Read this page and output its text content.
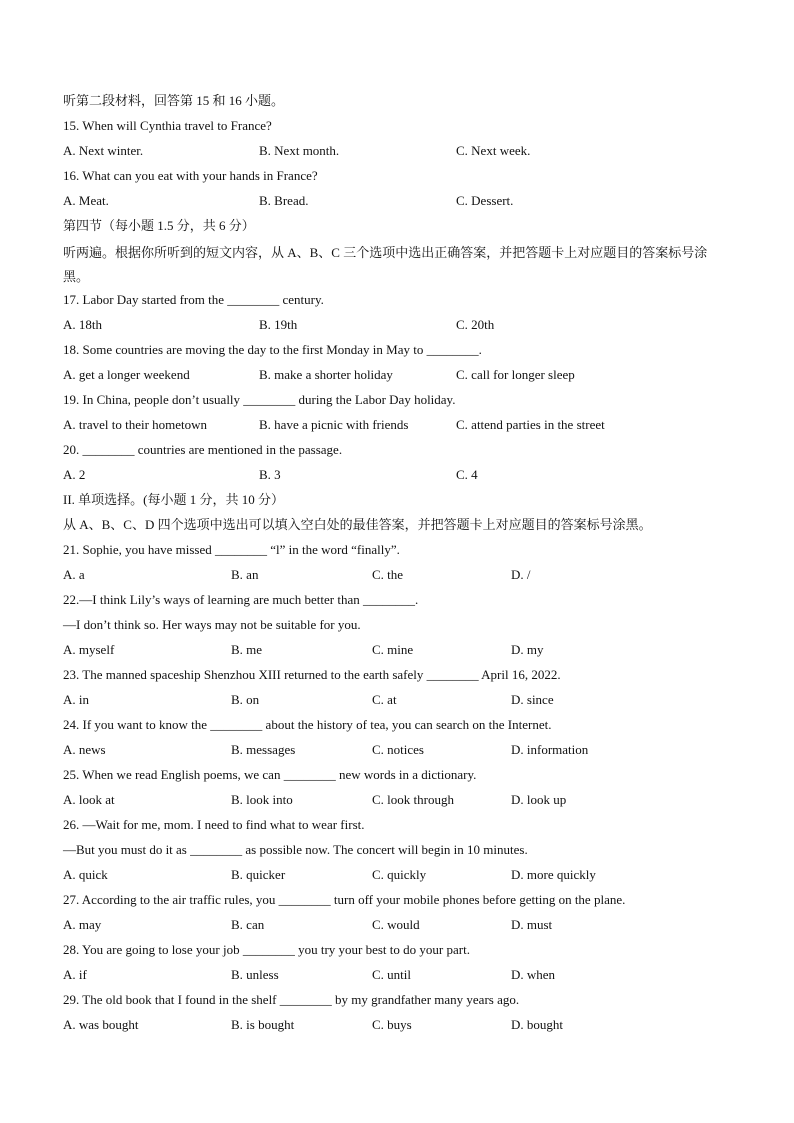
听第二段材料，回答第 15 和 16 小题。
15. When will Cynthia travel to France?
A. Next winter.	B. Next month.	C. Next week.
16. What can you eat with your hands in France?
A. Meat.	B. Bread.	C. Dessert.
第四节（每小题 1.5 分，共 6 分）
听两遍。根据你所听到的短文内容，从 A、B、C 三个选项中选出正确答案，并把答题卡上对应题目的答案标号涂黑。
17. Labor Day started from the ________ century.
A. 18th	B. 19th	C. 20th
18. Some countries are moving the day to the first Monday in May to ________.
A. get a longer weekend	B. make a shorter holiday	C. call for longer sleep
19. In China, people don’t usually ________ during the Labor Day holiday.
A. travel to their hometown	B. have a picnic with friends	C. attend parties in the street
20. ________ countries are mentioned in the passage.
A. 2	B. 3	C. 4
II. 单项选择。(每小题 1 分，共 10 分）
从 A、B、C、D 四个选项中选出可以填入空白处的最佳答案，并把答题卡上对应题目的答案标号涂黑。
21. Sophie, you have missed ________ “l” in the word “finally”.
A. a	B. an	C. the	D. /
22.—I think Lily’s ways of learning are much better than ________.
—I don’t think so. Her ways may not be suitable for you.
A. myself	B. me	C. mine	D. my
23. The manned spaceship Shenzhou XIII returned to the earth safely ________ April 16, 2022.
A. in	B. on	C. at	D. since
24. If you want to know the ________ about the history of tea, you can search on the Internet.
A. news	B. messages	C. notices	D. information
25. When we read English poems, we can ________ new words in a dictionary.
A. look at	B. look into	C. look through	D. look up
26. —Wait for me, mom. I need to find what to wear first.
—But you must do it as ________ as possible now. The concert will begin in 10 minutes.
A. quick	B. quicker	C. quickly	D. more quickly
27. According to the air traffic rules, you ________ turn off your mobile phones before getting on the plane.
A. may	B. can	C. would	D. must
28. You are going to lose your job ________ you try your best to do your part.
A. if	B. unless	C. until	D. when
29. The old book that I found in the shelf ________ by my grandfather many years ago.
A. was bought	B. is bought	C. buys	D. bought
